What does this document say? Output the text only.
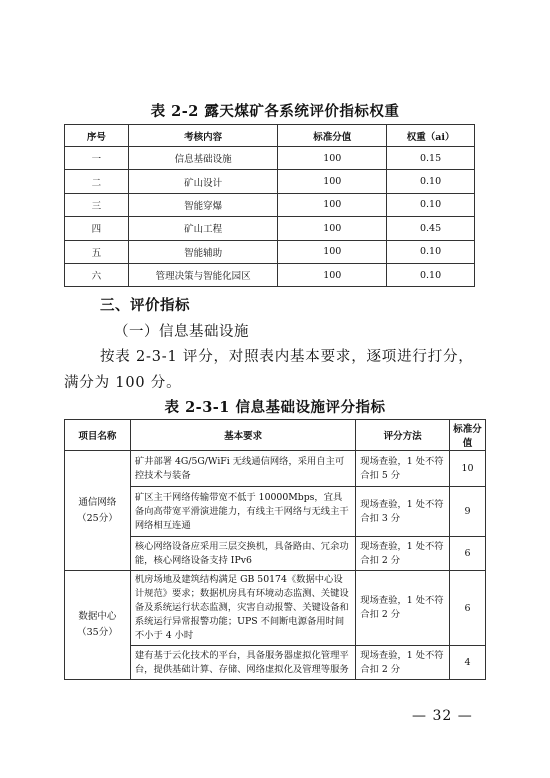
表 2-2 露天煤矿各系统评价指标权重
序号	考核内容	标准分值	权重（ai）
一	信息基础设施	100	0.15
二	矿山设计	100	0.10
三	智能穿爆	100	0.10
四	矿山工程	100	0.45
五	智能辅助	100	0.10
六	管理决策与智能化园区	100	0.10
三、评价指标
（一）信息基础设施
按表 2-3-1 评分，对照表内基本要求，逐项进行打分，满分为 100 分。
表 2-3-1 信息基础设施评分指标
项目名称	基本要求	评分方法	标准分值

通信网络
（25分）	矿井部署 4G/5G/WiFi 无线通信网络，采用自主可控技术与装备	现场查验，1 处不符合扣 5 分	10
	矿区主干网络传输带宽不低于 10000Mbps，宜具备向高带宽平滑演进能力，有线主干网络与无线主干网络相互连通	现场查验，1 处不符合扣 3 分	9
	核心网络设备应采用三层交换机，具备路由、冗余功能，核心网络设备支持 IPv6	现场查验，1 处不符合扣 2 分	6

数据中心
（35分）	机房场地及建筑结构满足 GB 50174《数据中心设计规范》要求；数据机房具有环境动态监测、关键设备及系统运行状态监测，灾害自动报警、关键设备和系统运行异常报警功能；UPS 不间断电源备用时间不小于 4 小时	现场查验，1 处不符合扣 2 分	6
	建有基于云化技术的平台，具备服务器虚拟化管理平台，提供基础计算、存储、网络虚拟化及管理等服务	现场查验，1 处不符合扣 2 分	4
— 32 —
